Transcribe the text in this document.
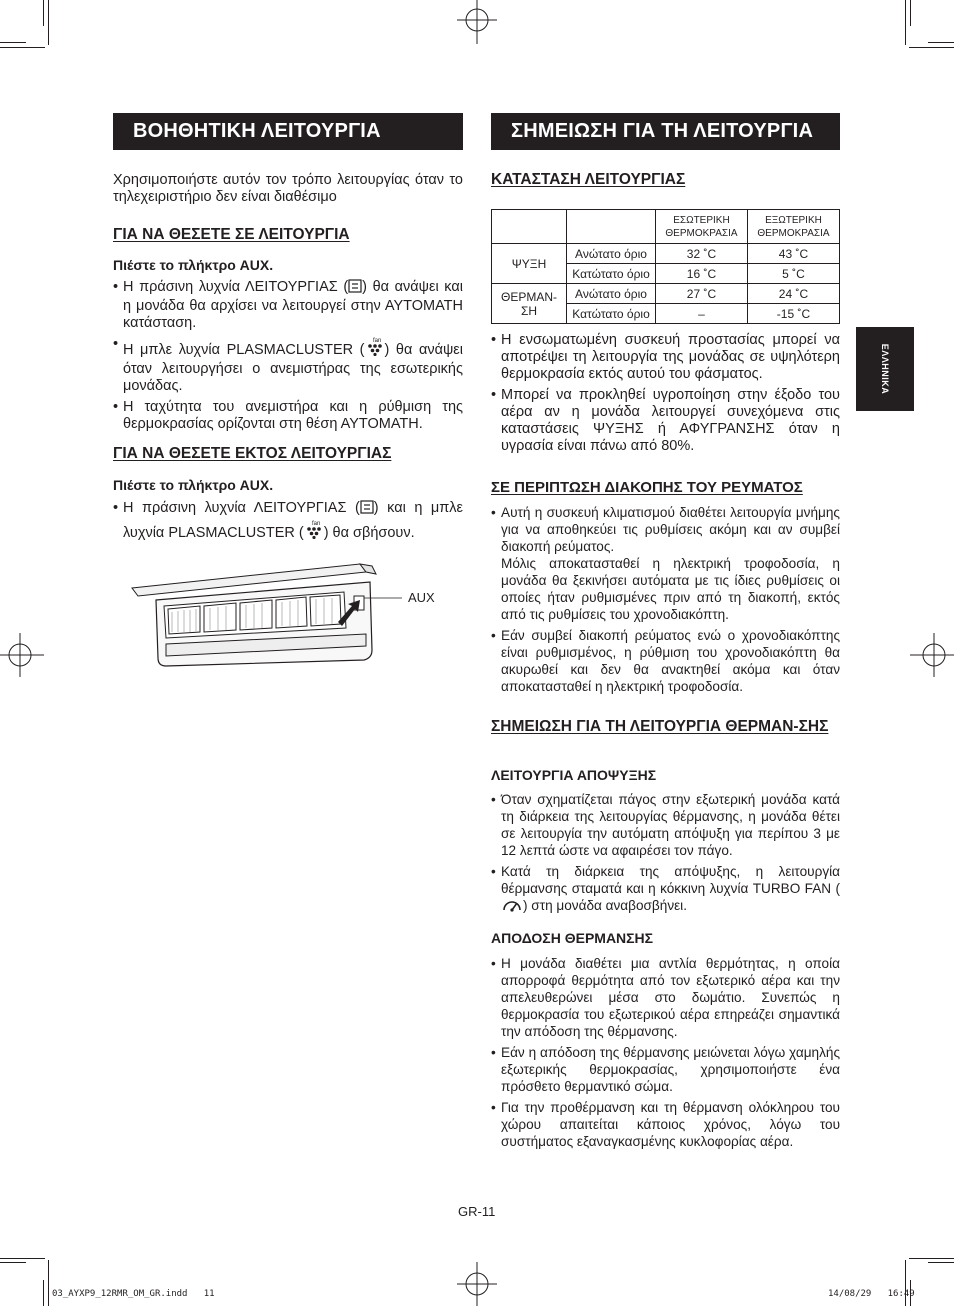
ΒΟΗΘΗΤΙΚΗ ΛΕΙΤΟΥΡΓΙΑ
Χρησιμοποιήστε αυτόν τον τρόπο λειτουργίας όταν το τηλεχειριστήριο δεν είναι διαθέσιμο
ΓΙΑ ΝΑ ΘΕΣΕΤΕ ΣΕ ΛΕΙΤΟΥΡΓΙΑ
Πιέστε το πλήκτρο AUX.
• Η πράσινη λυχνία ΛΕΙΤΟΥΡΓΙΑΣ ( ) θα ανάψει και η μονάδα θα αρχίσει να λειτουργεί στην ΑΥΤΟΜΑΤΗ κατάσταση.
• Η μπλε λυχνία PLASMACLUSTER (
fan
) θα ανάψει όταν λειτουργήσει ο ανεμιστήρας της εσωτερικής μονάδας.
• Η ταχύτητα του ανεμιστήρα και η ρύθμιση της θερμοκρασίας ορίζονται στη θέση ΑΥΤΟΜΑΤΗ.
ΓΙΑ ΝΑ ΘΕΣΕΤΕ ΕΚΤΟΣ ΛΕΙΤΟΥΡΓΙΑΣ
Πιέστε το πλήκτρο AUX.
• Η πράσινη λυχνία ΛΕΙΤΟΥΡΓΙΑΣ ( ) και η μπλε λυχνία PLASMACLUSTER (
fan
) θα σβήσουν.
AUX
ΣΗΜΕΙΩΣΗ ΓΙΑ ΤΗ ΛΕΙΤΟΥΡΓΙΑ
ΚΑΤΑΣΤΑΣΗ ΛΕΙΤΟΥΡΓΙΑΣ
		ΕΣΩΤΕΡΙΚΗ ΘΕΡΜΟΚΡΑΣΙΑ	ΕΞΩΤΕΡΙΚΗ ΘΕΡΜΟΚΡΑΣΙΑ
ΨΥΞΗ	Ανώτατο όριο	32 ˚C	43 ˚C
	Κατώτατο όριο	16 ˚C	5 ˚C
ΘΕΡΜΑΝ-ΣΗ	Ανώτατο όριο	27 ˚C	24 ˚C
	Κατώτατο όριο	–	-15 ˚C
• Η ενσωματωμένη συσκευή προστασίας μπορεί να αποτρέψει τη λειτουργία της μονάδας σε υψηλότερη θερμοκρασία εκτός αυτού του φάσματος.
• Μπορεί να προκληθεί υγροποίηση στην έξοδο του αέρα αν η μονάδα λειτουργεί συνεχόμενα στις καταστάσεις ΨΥΞΗΣ ή ΑΦΥΓΡΑΝΣΗΣ όταν η υγρασία είναι πάνω από 80%.
ΣΕ ΠΕΡΙΠΤΩΣΗ ΔΙΑΚΟΠΗΣ ΤΟΥ ΡΕΥΜΑΤΟΣ
• Αυτή η συσκευή κλιματισμού διαθέτει λειτουργία μνήμης για να αποθηκεύει τις ρυθμίσεις ακόμη και αν συμβεί διακοπή ρεύματος.
Μόλις αποκατασταθεί η ηλεκτρική τροφοδοσία, η μονάδα θα ξεκινήσει αυτόματα με τις ίδιες ρυθμίσεις οι οποίες ήταν ρυθμισμένες πριν από τη διακοπή, εκτός από τις ρυθμίσεις του χρονοδιακόπτη.
• Εάν συμβεί διακοπή ρεύματος ενώ ο χρονοδιακόπτης είναι ρυθμισμένος, η ρύθμιση του χρονοδιακόπτη θα ακυρωθεί και δεν θα ανακτηθεί ακόμα και όταν αποκατασταθεί η ηλεκτρική τροφοδοσία.
ΣΗΜΕΙΩΣΗ ΓΙΑ ΤΗ ΛΕΙΤΟΥΡΓΙΑ ΘΕΡΜΑΝ-ΣΗΣ
ΛΕΙΤΟΥΡΓΙΑ ΑΠΟΨΥΞΗΣ
• Όταν σχηματίζεται πάγος στην εξωτερική μονάδα κατά τη διάρκεια της λειτουργίας θέρμανσης, η μονάδα θέτει σε λειτουργία την αυτόματη απόψυξη για περίπου 3 με 12 λεπτά ώστε να αφαιρέσει τον πάγο.
• Κατά τη διάρκεια της απόψυξης, η λειτουργία θέρμανσης σταματά και η κόκκινη λυχνία TURBO FAN () στη μονάδα αναβοσβήνει.
ΑΠΟΔΟΣΗ ΘΕΡΜΑΝΣΗΣ
• Η μονάδα διαθέτει μια αντλία θερμότητας, η οποία απορροφά θερμότητα από τον εξωτερικό αέρα και την απελευθερώνει μέσα στο δωμάτιο. Συνεπώς η θερμοκρασία του εξωτερικού αέρα επηρεάζει σημαντικά την απόδοση της θέρμανσης.
• Εάν η απόδοση της θέρμανσης μειώνεται λόγω χαμηλής εξωτερικής θερμοκρασίας, χρησιμοποιήστε ένα πρόσθετο θερμαντικό σώμα.
• Για την προθέρμανση και τη θέρμανση ολόκληρου του χώρου απαιτείται κάποιος χρόνος, λόγω του συστήματος εξαναγκασμένης κυκλοφορίας αέρα.
ΕΛΛΗΝΙΚΑ
GR-11
03_AYXP9_12RMR_OM_GR.indd   11	14/08/29   16:49
